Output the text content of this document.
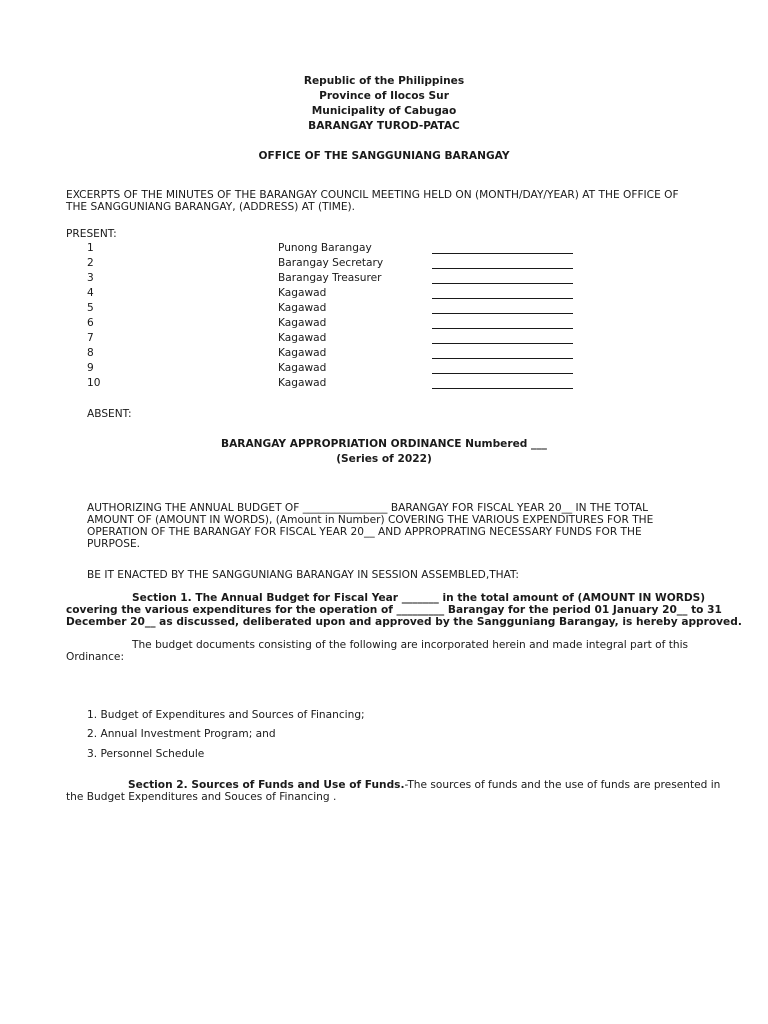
Republic of the Philippines
Province of Ilocos Sur
Municipality of Cabugao
BARANGAY TUROD-PATAC
OFFICE OF THE SANGGUNIANG BARANGAY
EXCERPTS OF THE MINUTES OF THE BARANGAY COUNCIL MEETING HELD ON (MONTH/DAY/YEAR) AT THE OFFICE OF
THE SANGGUNIANG BARANGAY, (ADDRESS) AT (TIME).
PRESENT:
1	Punong Barangay
2	Barangay Secretary
3	Barangay Treasurer
4	Kagawad
5	Kagawad
6	Kagawad
7	Kagawad
8	Kagawad
9	Kagawad
10	Kagawad
ABSENT:
BARANGAY APPROPRIATION ORDINANCE Numbered ___
(Series of 2022)
AUTHORIZING THE ANNUAL BUDGET OF ________________ BARANGAY FOR FISCAL YEAR 20__ IN THE TOTAL
AMOUNT OF (AMOUNT IN WORDS), (Amount in Number) COVERING THE VARIOUS EXPENDITURES FOR THE
OPERATION OF THE BARANGAY FOR FISCAL YEAR 20__ AND APPROPRATING NECESSARY FUNDS FOR THE
PURPOSE.
BE IT ENACTED BY THE SANGGUNIANG BARANGAY IN SESSION ASSEMBLED,THAT:
Section 1. The Annual Budget for Fiscal Year _______ in the total amount of (AMOUNT IN WORDS)
covering the various expenditures for the operation of _________ Barangay for the period 01 January 20__ to 31
December 20__ as discussed, deliberated upon and approved by the Sangguniang Barangay, is hereby approved.
The budget documents consisting of the following are incorporated herein and made integral part of this
Ordinance:
1. Budget of Expenditures and Sources of Financing;
2. Annual Investment Program; and
3. Personnel Schedule
Section 2. Sources of Funds and Use of Funds.-The sources of funds and the use of funds are presented in
the Budget Expenditures and Souces of Financing .
